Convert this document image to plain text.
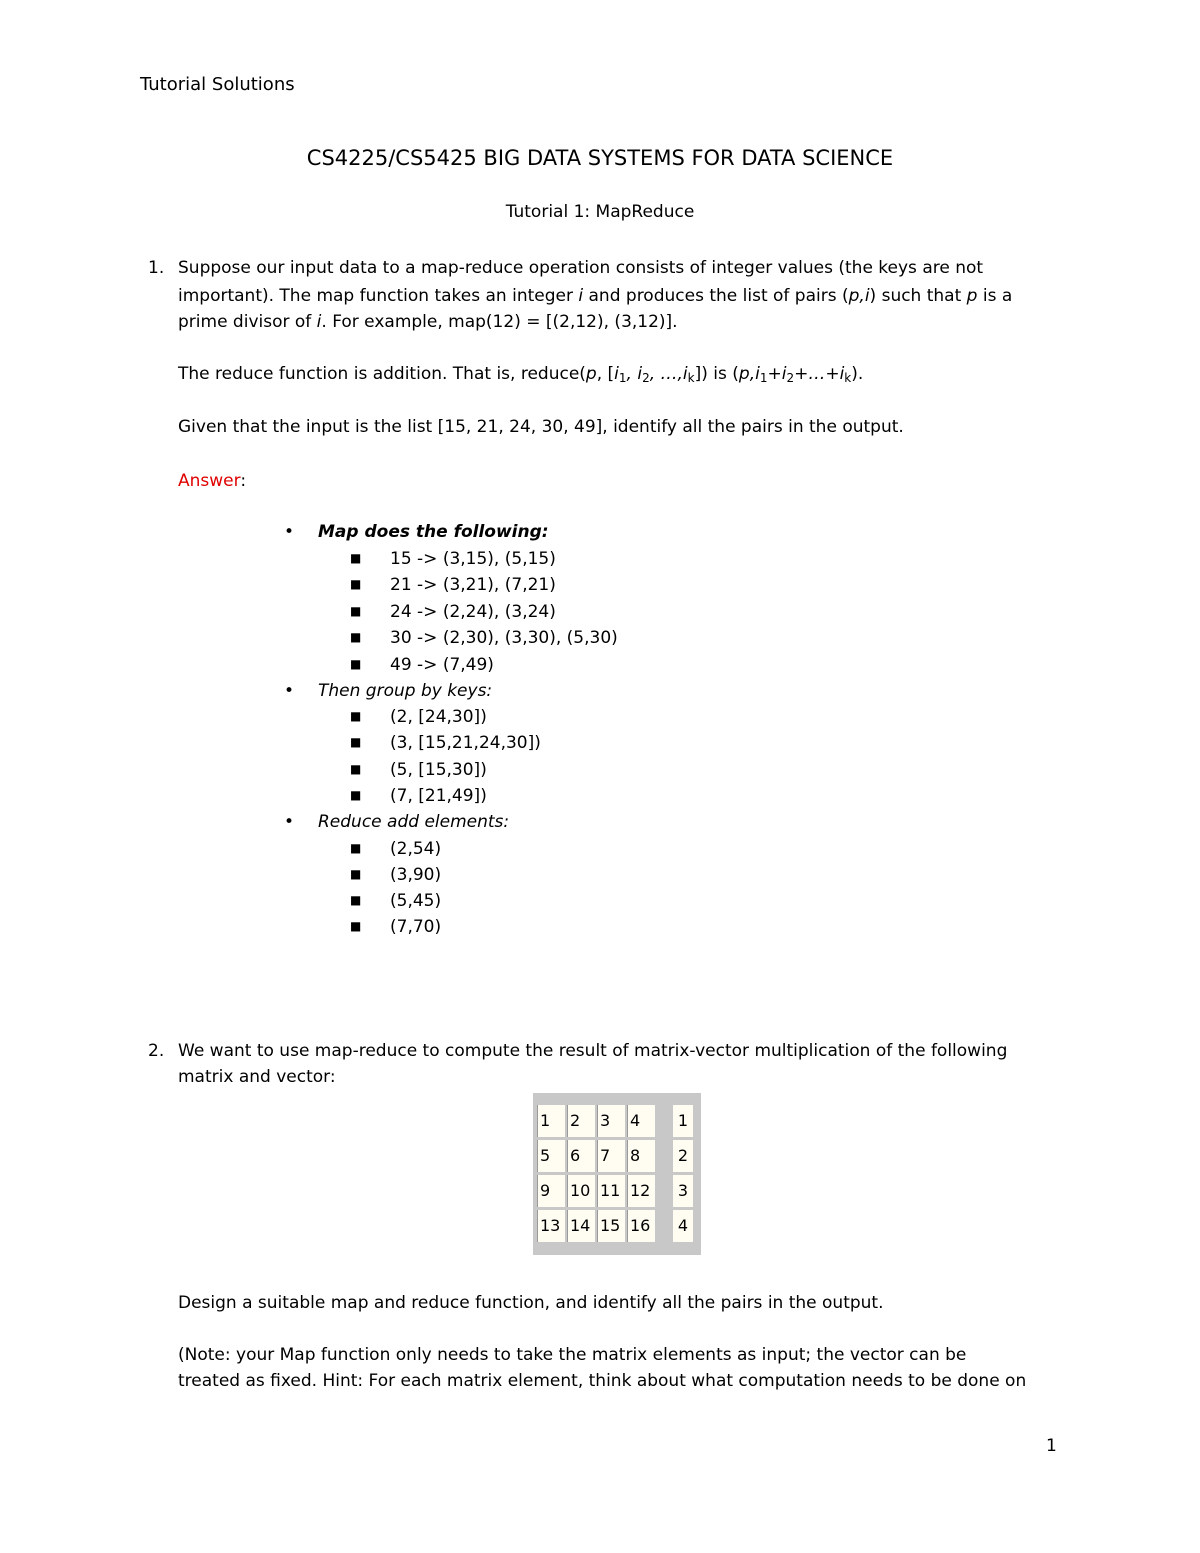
Tutorial Solutions
CS4225/CS5425 BIG DATA SYSTEMS FOR DATA SCIENCE
Tutorial 1: MapReduce
1. Suppose our input data to a map-reduce operation consists of integer values (the keys are not
important). The map function takes an integer i and produces the list of pairs (p,i) such that p is a
prime divisor of i. For example, map(12) = [(2,12), (3,12)].
The reduce function is addition. That is, reduce(p, [$i_1$, $i_2$, $\dots,i_k$]) is $(p,i_1+i_2+\dots+i_k)$.
Given that the input is the list [15, 21, 24, 30, 49], identify all the pairs in the output.
Answer:
• Map does the following:
■ 15 -> (3,15), (5,15)
■ 21 -> (3,21), (7,21)
■ 24 -> (2,24), (3,24)
■ 30 -> (2,30), (3,30), (5,30)
■ 49 -> (7,49)
• Then group by keys:
■ (2, [24,30])
■ (3, [15,21,24,30])
■ (5, [15,30])
■ (7, [21,49])
• Reduce add elements:
■ (2,54)
■ (3,90)
■ (5,45)
■ (7,70)
2. We want to use map-reduce to compute the result of matrix-vector multiplication of the following
matrix and vector:
1	2	3	4
5	6	7	8
9	10 11 12
13 14 15 16
1
2
3
4
Design a suitable map and reduce function, and identify all the pairs in the output.
(Note: your Map function only needs to take the matrix elements as input; the vector can be
treated as fixed. Hint: For each matrix element, think about what computation needs to be done on
1
